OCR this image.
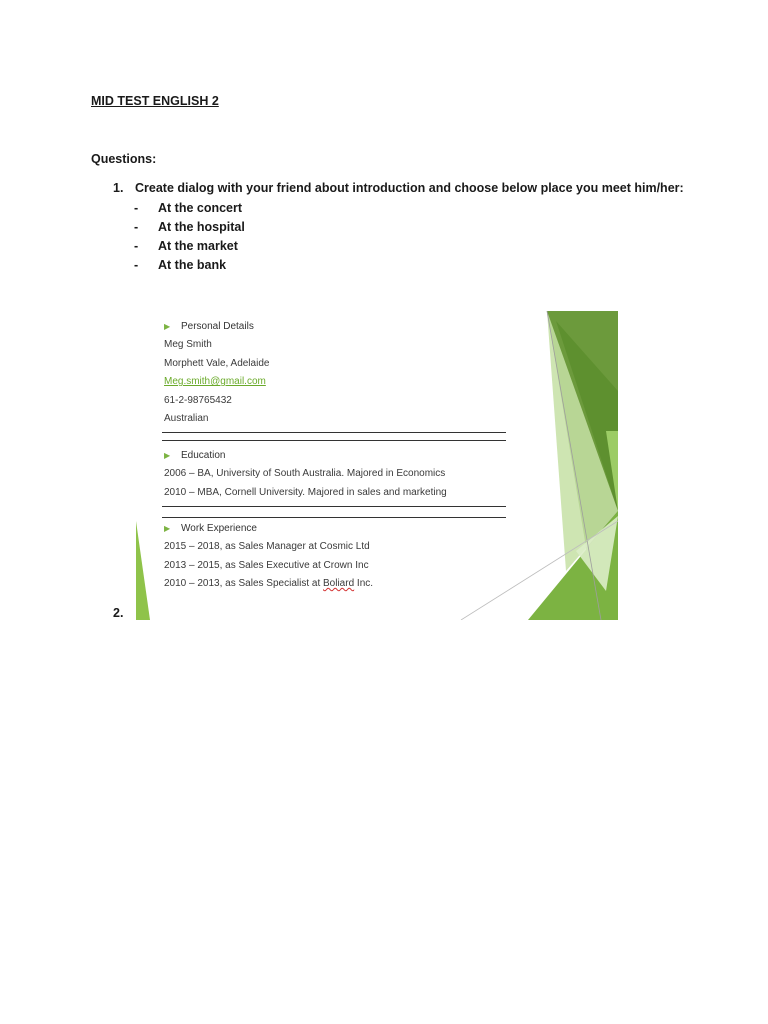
MID TEST ENGLISH 2
Questions:
1. Create dialog with your friend about introduction and choose below place you meet him/her:
- At the concert
- At the hospital
- At the market
- At the bank
▶ Personal Details
Meg Smith
Morphett Vale, Adelaide
Meg.smith@gmail.com
61-2-98765432
Australian
▶ Education
2006 – BA, University of South Australia. Majored in Economics
2010 – MBA, Cornell University. Majored in sales and marketing
▶ Work Experience
2015 – 2018, as Sales Manager at Cosmic Ltd
2013 – 2015, as Sales Executive at Crown Inc
2010 – 2013, as Sales Specialist at Boliard Inc.
2.
